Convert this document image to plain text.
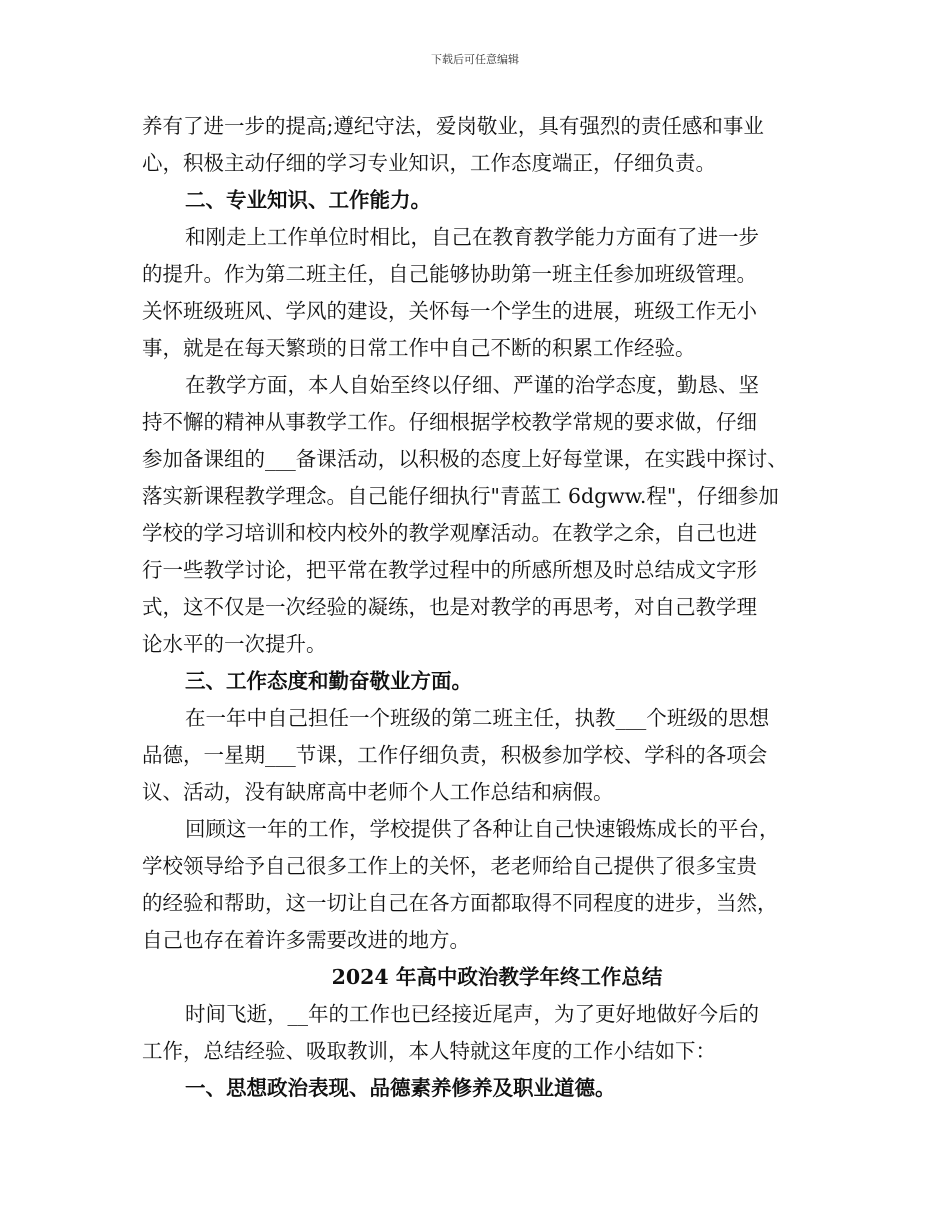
下载后可任意编辑
养有了进一步的提高;遵纪守法，爱岗敬业，具有强烈的责任感和事业
心，积极主动仔细的学习专业知识，工作态度端正，仔细负责。
二、专业知识、工作能力。
和刚走上工作单位时相比，自己在教育教学能力方面有了进一步
的提升。作为第二班主任，自己能够协助第一班主任参加班级管理。
关怀班级班风、学风的建设，关怀每一个学生的进展，班级工作无小
事，就是在每天繁琐的日常工作中自己不断的积累工作经验。
在教学方面，本人自始至终以仔细、严谨的治学态度，勤恳、坚
持不懈的精神从事教学工作。仔细根据学校教学常规的要求做，仔细
参加备课组的___备课活动，以积极的态度上好每堂课，在实践中探讨、
落实新课程教学理念。自己能仔细执行"青蓝工 6dgww.程"，仔细参加
学校的学习培训和校内校外的教学观摩活动。在教学之余，自己也进
行一些教学讨论，把平常在教学过程中的所感所想及时总结成文字形
式，这不仅是一次经验的凝练，也是对教学的再思考，对自己教学理
论水平的一次提升。
三、工作态度和勤奋敬业方面。
在一年中自己担任一个班级的第二班主任，执教___个班级的思想
品德，一星期___节课，工作仔细负责，积极参加学校、学科的各项会
议、活动，没有缺席高中老师个人工作总结和病假。
回顾这一年的工作，学校提供了各种让自己快速锻炼成长的平台，
学校领导给予自己很多工作上的关怀，老老师给自己提供了很多宝贵
的经验和帮助，这一切让自己在各方面都取得不同程度的进步，当然，
自己也存在着许多需要改进的地方。
2024 年高中政治教学年终工作总结
时间飞逝，__年的工作也已经接近尾声，为了更好地做好今后的
工作，总结经验、吸取教训，本人特就这年度的工作小结如下：
一、思想政治表现、品德素养修养及职业道德。
